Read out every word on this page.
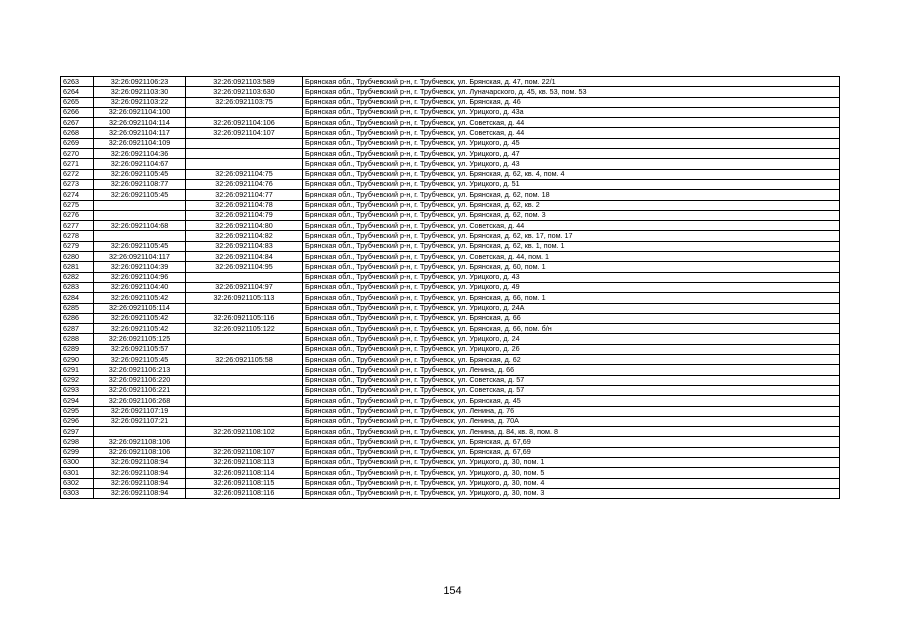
6263	32:26:0921106:23	32:26:0921103:589	Брянская обл., Трубчевский р-н, г. Трубчевск, ул. Брянская, д. 47, пом. 22/1
6264	32:26:0921103:30	32:26:0921103:630	Брянская обл., Трубчевский р-н, г. Трубчевск, ул. Луначарского, д. 45, кв. 53, пом. 53
6265	32:26:0921103:22	32:26:0921103:75	Брянская обл., Трубчевский р-н, г. Трубчевск, ул. Брянская, д. 46
6266	32:26:0921104:100		Брянская обл., Трубчевский р-н, г. Трубчевск, ул. Урицкого, д. 43а
6267	32:26:0921104:114	32:26:0921104:106	Брянская обл., Трубчевский р-н, г. Трубчевск, ул. Советская, д. 44
6268	32:26:0921104:117	32:26:0921104:107	Брянская обл., Трубчевский р-н, г. Трубчевск, ул. Советская, д. 44
6269	32:26:0921104:109		Брянская обл., Трубчевский р-н, г. Трубчевск, ул. Урицкого, д. 45
6270	32:26:0921104:36		Брянская обл., Трубчевский р-н, г. Трубчевск, ул. Урицкого, д. 47
6271	32:26:0921104:67		Брянская обл., Трубчевский р-н, г. Трубчевск, ул. Урицкого, д. 43
6272	32:26:0921105:45	32:26:0921104:75	Брянская обл., Трубчевский р-н, г. Трубчевск, ул. Брянская, д. 62, кв. 4, пом. 4
6273	32:26:0921108:77	32:26:0921104:76	Брянская обл., Трубчевский р-н, г. Трубчевск, ул. Урицкого, д. 51
6274	32:26:0921105:45	32:26:0921104:77	Брянская обл., Трубчевский р-н, г. Трубчевск, ул. Брянская, д. 62, пом. 18
6275		32:26:0921104:78	Брянская обл., Трубчевский р-н, г. Трубчевск, ул. Брянская, д. 62, кв. 2
6276		32:26:0921104:79	Брянская обл., Трубчевский р-н, г. Трубчевск, ул. Брянская, д. 62, пом. 3
6277	32:26:0921104:68	32:26:0921104:80	Брянская обл., Трубчевский р-н, г. Трубчевск, ул. Советская, д. 44
6278		32:26:0921104:82	Брянская обл., Трубчевский р-н, г. Трубчевск, ул. Брянская, д. 62, кв. 17, пом. 17
6279	32:26:0921105:45	32:26:0921104:83	Брянская обл., Трубчевский р-н, г. Трубчевск, ул. Брянская, д. 62, кв. 1, пом. 1
6280	32:26:0921104:117	32:26:0921104:84	Брянская обл., Трубчевский р-н, г. Трубчевск, ул. Советская, д. 44, пом. 1
6281	32:26:0921104:39	32:26:0921104:95	Брянская обл., Трубчевский р-н, г. Трубчевск, ул. Брянская, д. 60, пом. 1
6282	32:26:0921104:96		Брянская обл., Трубчевский р-н, г. Трубчевск, ул. Урицкого, д. 43
6283	32:26:0921104:40	32:26:0921104:97	Брянская обл., Трубчевский р-н, г. Трубчевск, ул. Урицкого, д. 49
6284	32:26:0921105:42	32:26:0921105:113	Брянская обл., Трубчевский р-н, г. Трубчевск, ул. Брянская, д. 66, пом. 1
6285	32:26:0921105:114		Брянская обл., Трубчевский р-н, г. Трубчевск, ул. Урицкого, д. 24А
6286	32:26:0921105:42	32:26:0921105:116	Брянская обл., Трубчевский р-н, г. Трубчевск, ул. Брянская, д. 66
6287	32:26:0921105:42	32:26:0921105:122	Брянская обл., Трубчевский р-н, г. Трубчевск, ул. Брянская, д. 66, пом. б/н
6288	32:26:0921105:125		Брянская обл., Трубчевский р-н, г. Трубчевск, ул. Урицкого, д. 24
6289	32:26:0921105:57		Брянская обл., Трубчевский р-н, г. Трубчевск, ул. Урицкого, д. 26
6290	32:26:0921105:45	32:26:0921105:58	Брянская обл., Трубчевский р-н, г. Трубчевск, ул. Брянская, д. 62
6291	32:26:0921106:213		Брянская обл., Трубчевский р-н, г. Трубчевск, ул. Ленина, д. 66
6292	32:26:0921106:220		Брянская обл., Трубчевский р-н, г. Трубчевск, ул. Советская, д. 57
6293	32:26:0921106:221		Брянская обл., Трубчевский р-н, г. Трубчевск, ул. Советская, д. 57
6294	32:26:0921106:268		Брянская обл., Трубчевский р-н, г. Трубчевск, ул. Брянская, д. 45
6295	32:26:0921107:19		Брянская обл., Трубчевский р-н, г. Трубчевск, ул. Ленина, д. 76
6296	32:26:0921107:21		Брянская обл., Трубчевский р-н, г. Трубчевск, ул. Ленина, д. 70А
6297		32:26:0921108:102	Брянская обл., Трубчевский р-н, г. Трубчевск, ул. Ленина, д. 84, кв. 8, пом. 8
6298	32:26:0921108:106		Брянская обл., Трубчевский р-н, г. Трубчевск, ул. Брянская, д. 67,69
6299	32:26:0921108:106	32:26:0921108:107	Брянская обл., Трубчевский р-н, г. Трубчевск, ул. Брянская, д. 67,69
6300	32:26:0921108:94	32:26:0921108:113	Брянская обл., Трубчевский р-н, г. Трубчевск, ул. Урицкого, д. 30, пом. 1
6301	32:26:0921108:94	32:26:0921108:114	Брянская обл., Трубчевский р-н, г. Трубчевск, ул. Урицкого, д. 30, пом. 5
6302	32:26:0921108:94	32:26:0921108:115	Брянская обл., Трубчевский р-н, г. Трубчевск, ул. Урицкого, д. 30, пом. 4
6303	32:26:0921108:94	32:26:0921108:116	Брянская обл., Трубчевский р-н, г. Трубчевск, ул. Урицкого, д. 30, пом. 3
154
